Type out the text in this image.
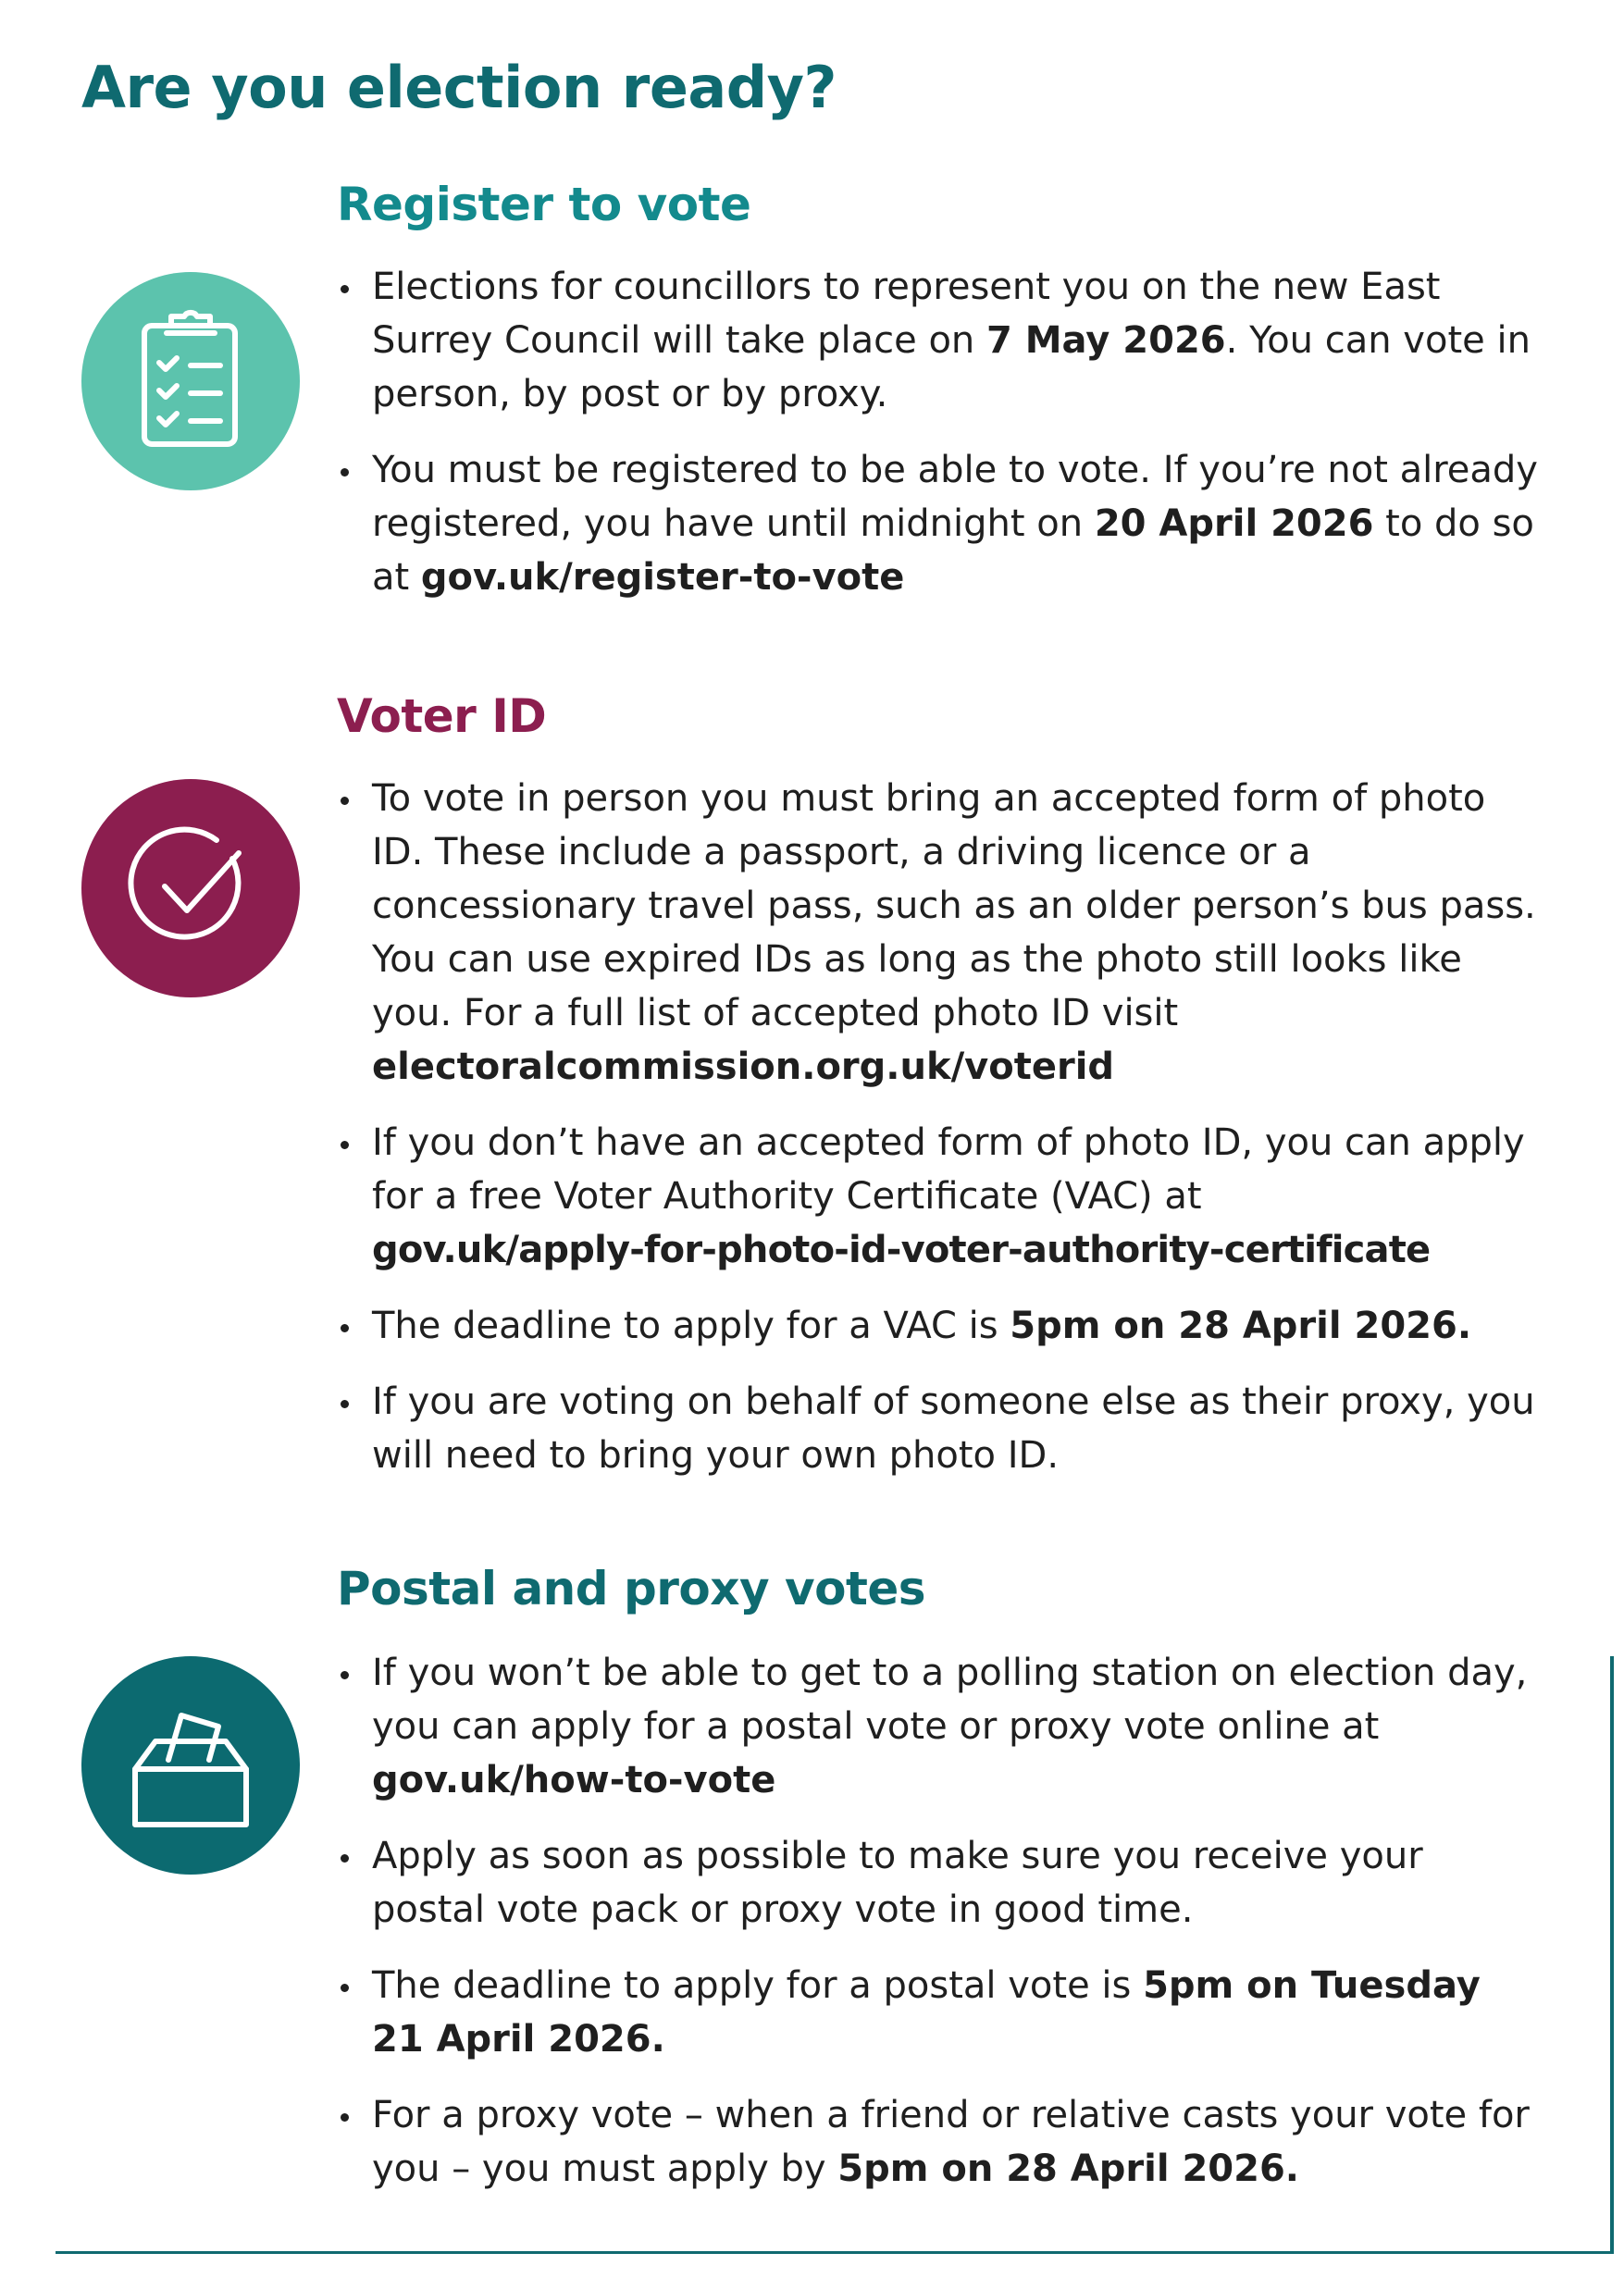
Are you election ready?
Register to vote
Elections for councillors to represent you on the new East Surrey Council will take place on 7 May 2026. You can vote in person, by post or by proxy.
You must be registered to be able to vote. If you’re not already registered, you have until midnight on 20 April 2026 to do so at gov.uk/register-to-vote
Voter ID
To vote in person you must bring an accepted form of photo ID. These include a passport, a driving licence or a concessionary travel pass, such as an older person’s bus pass. You can use expired IDs as long as the photo still looks like you. For a full list of accepted photo ID visit electoralcommission.org.uk/voterid
If you don’t have an accepted form of photo ID, you can apply for a free Voter Authority Certificate (VAC) at gov.uk/apply-for-photo-id-voter-authority-certificate
The deadline to apply for a VAC is 5pm on 28 April 2026.
If you are voting on behalf of someone else as their proxy, you will need to bring your own photo ID.
Postal and proxy votes
If you won’t be able to get to a polling station on election day, you can apply for a postal vote or proxy vote online at gov.uk/how-to-vote
Apply as soon as possible to make sure you receive your postal vote pack or proxy vote in good time.
The deadline to apply for a postal vote is 5pm on Tuesday 21 April 2026.
For a proxy vote – when a friend or relative casts your vote for you – you must apply by 5pm on 28 April 2026.
